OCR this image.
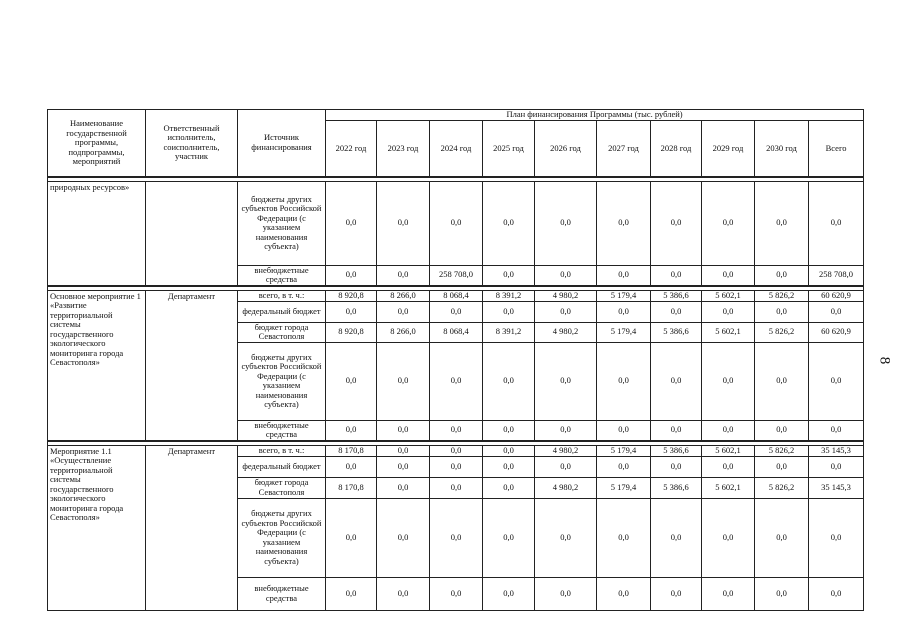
Наименование государственной программы, подпрограммы, мероприятий	Ответственный исполнитель, соисполнитель, участник	Источник финансирования	План финансирования Программы (тыс. рублей)									
			2022 год	2023 год	2024 год	2025 год	2026 год	2027 год	2028 год	2029 год	2030 год	Всего

природных ресурсов»		бюджеты других субъектов Российской Федерации (с указанием наименования субъекта)	0,0	0,0	0,0	0,0	0,0	0,0	0,0	0,0	0,0	0,0
		внебюджетные средства	0,0	0,0	258 708,0	0,0	0,0	0,0	0,0	0,0	0,0	258 708,0

Основное мероприятие 1 «Развитие территориальной системы государственного экологического мониторинга города Севастополя»	Департамент	всего, в т. ч.:	8 920,8	8 266,0	8 068,4	8 391,2	4 980,2	5 179,4	5 386,6	5 602,1	5 826,2	60 620,9
		федеральный бюджет	0,0	0,0	0,0	0,0	0,0	0,0	0,0	0,0	0,0	0,0
		бюджет города Севастополя	8 920,8	8 266,0	8 068,4	8 391,2	4 980,2	5 179,4	5 386,6	5 602,1	5 826,2	60 620,9
		бюджеты других субъектов Российской Федерации (с указанием наименования субъекта)	0,0	0,0	0,0	0,0	0,0	0,0	0,0	0,0	0,0	0,0
		внебюджетные средства	0,0	0,0	0,0	0,0	0,0	0,0	0,0	0,0	0,0	0,0

Мероприятие 1.1 «Осуществление территориальной системы государственного экологического мониторинга города Севастополя»	Департамент	всего, в т. ч.:	8 170,8	0,0	0,0	0,0	4 980,2	5 179,4	5 386,6	5 602,1	5 826,2	35 145,3
		федеральный бюджет	0,0	0,0	0,0	0,0	0,0	0,0	0,0	0,0	0,0	0,0
		бюджет города Севастополя	8 170,8	0,0	0,0	0,0	4 980,2	5 179,4	5 386,6	5 602,1	5 826,2	35 145,3
		бюджеты других субъектов Российской Федерации (с указанием наименования субъекта)	0,0	0,0	0,0	0,0	0,0	0,0	0,0	0,0	0,0	0,0
		внебюджетные средства	0,0	0,0	0,0	0,0	0,0	0,0	0,0	0,0	0,0	0,0
8
